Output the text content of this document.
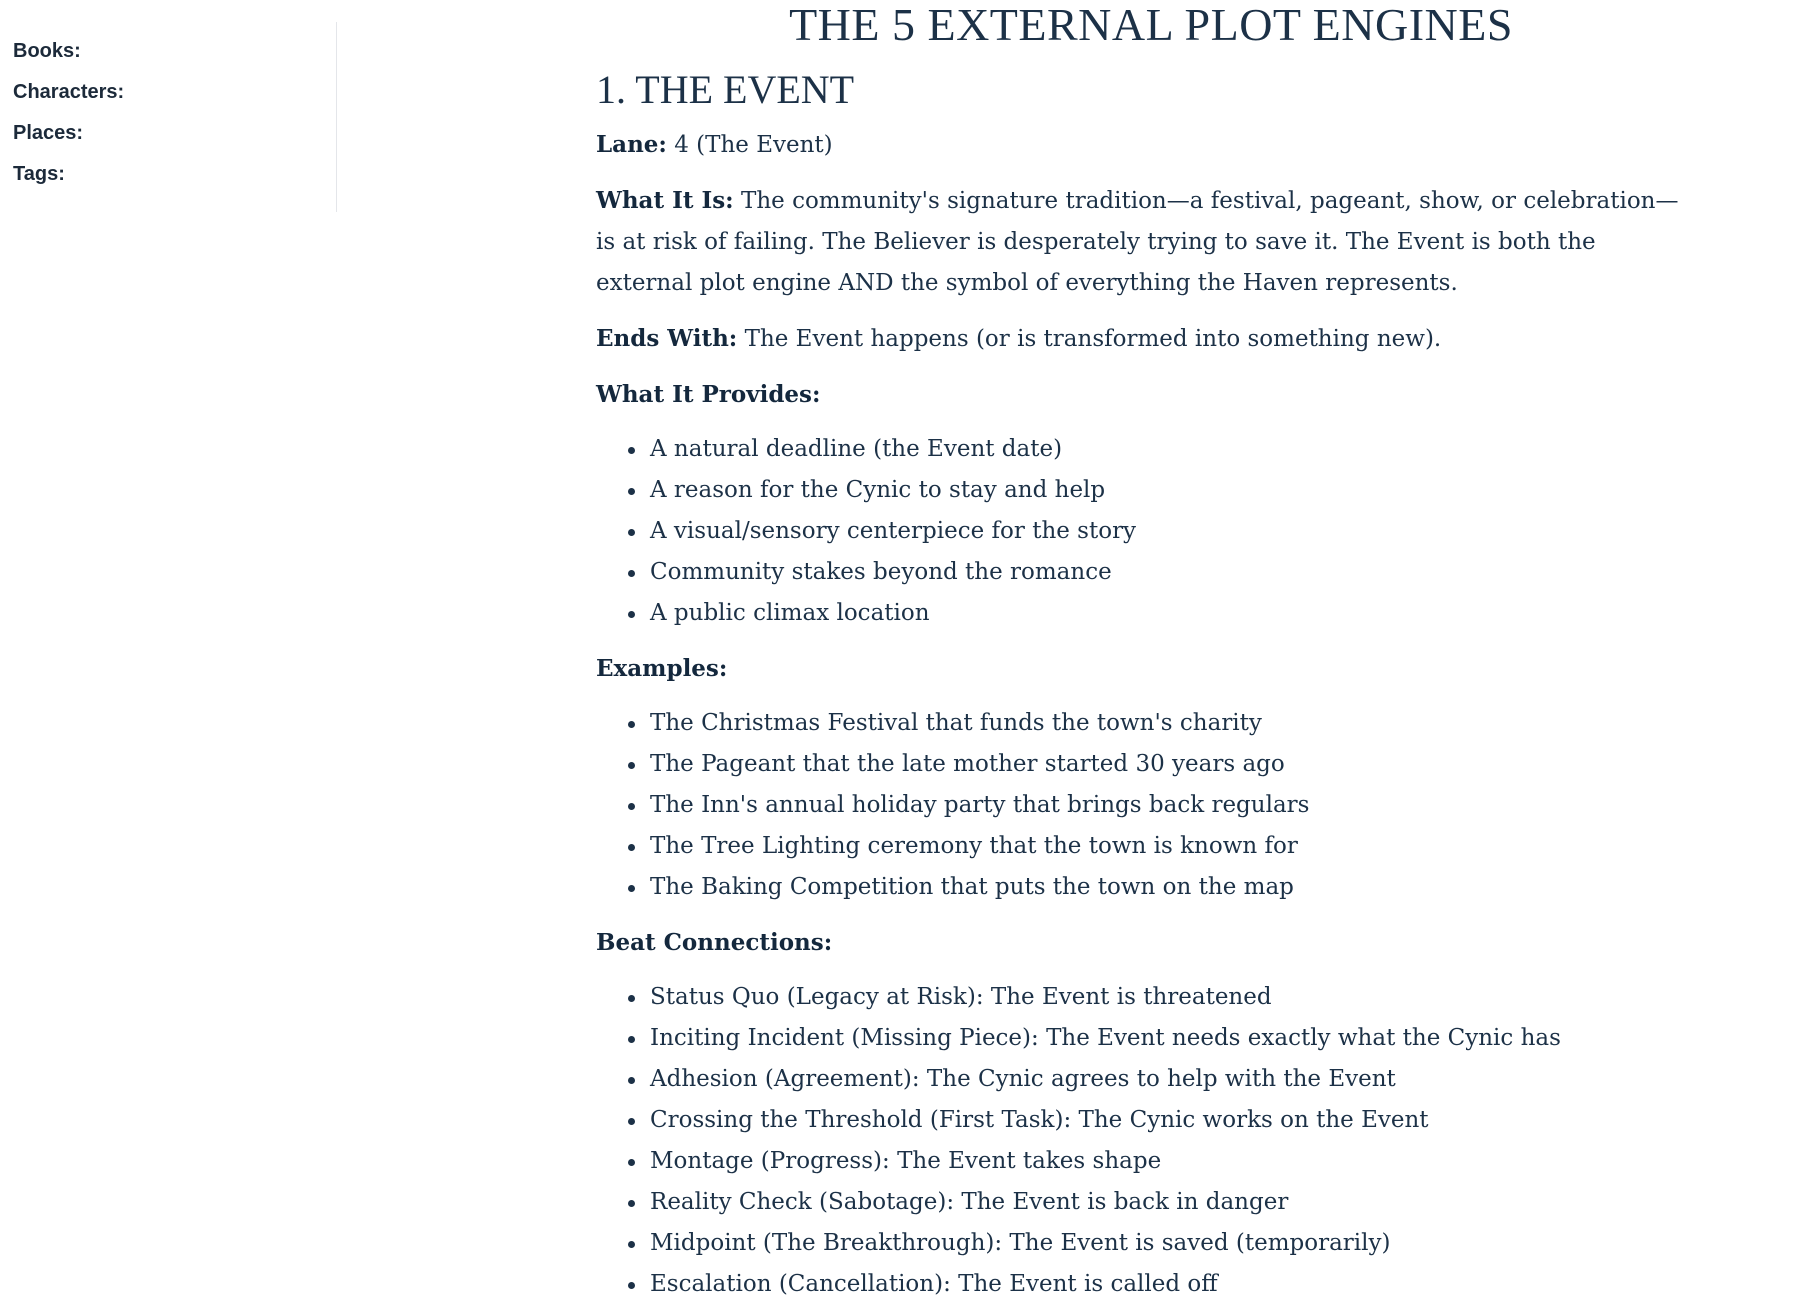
Books:
Characters:
Places:
Tags:
THE 5 EXTERNAL PLOT ENGINES
1. THE EVENT

Lane: 4 (The Event)

What It Is: The community's signature tradition—a festival, pageant, show, or celebration—is at risk of failing. The Believer is desperately trying to save it. The Event is both the external plot engine AND the symbol of everything the Haven represents.

Ends With: The Event happens (or is transformed into something new).

What It Provides:

A natural deadline (the Event date)
A reason for the Cynic to stay and help
A visual/sensory centerpiece for the story
Community stakes beyond the romance
A public climax location

Examples:

The Christmas Festival that funds the town's charity
The Pageant that the late mother started 30 years ago
The Inn's annual holiday party that brings back regulars
The Tree Lighting ceremony that the town is known for
The Baking Competition that puts the town on the map

Beat Connections:

Status Quo (Legacy at Risk): The Event is threatened
Inciting Incident (Missing Piece): The Event needs exactly what the Cynic has
Adhesion (Agreement): The Cynic agrees to help with the Event
Crossing the Threshold (First Task): The Cynic works on the Event
Montage (Progress): The Event takes shape
Reality Check (Sabotage): The Event is back in danger
Midpoint (The Breakthrough): The Event is saved (temporarily)
Escalation (Cancellation): The Event is called off
